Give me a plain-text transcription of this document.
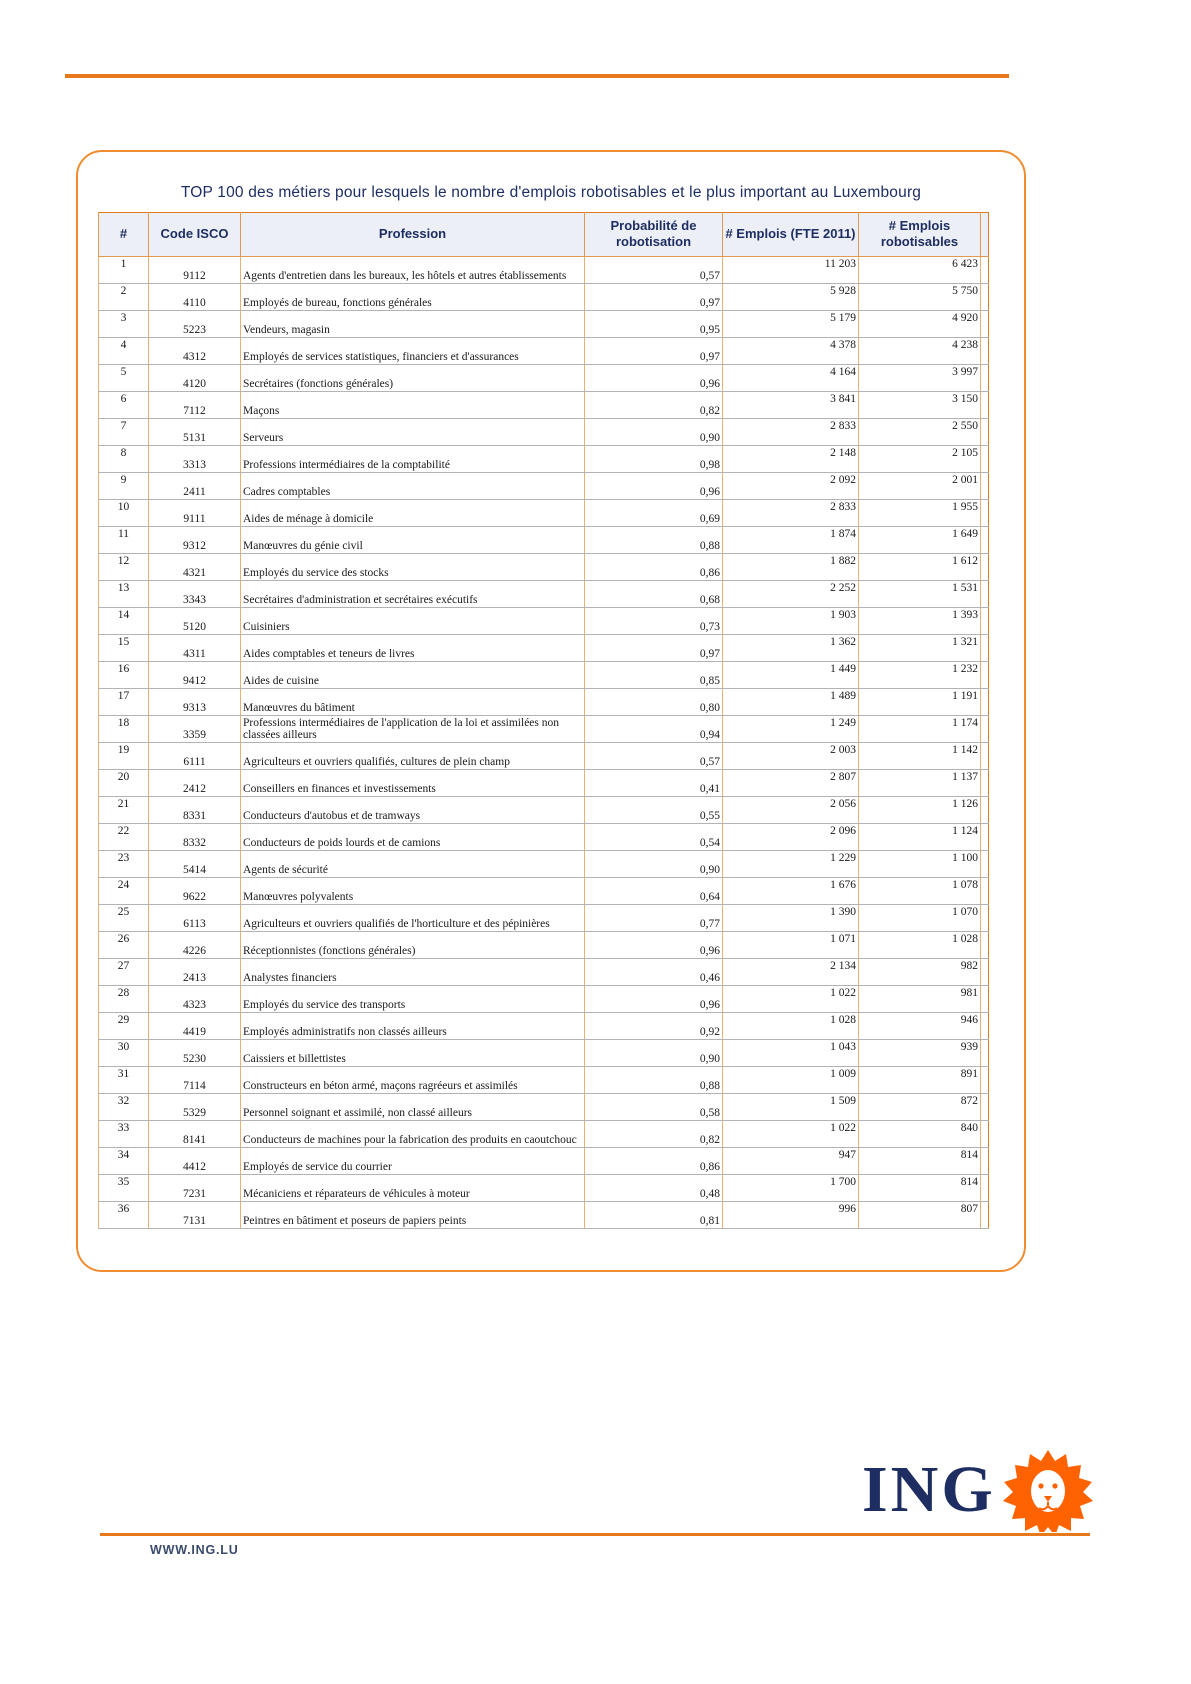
TOP 100 des métiers pour lesquels le nombre d'emplois robotisables et le plus important au Luxembourg
#	Code ISCO	Profession	Probabilité de robotisation	# Emplois (FTE 2011)	# Emplois robotisables	
1	9112	Agents d'entretien dans les bureaux, les hôtels et autres établissements	0,57	11 203	6 423	
2	4110	Employés de bureau, fonctions générales	0,97	5 928	5 750	
3	5223	Vendeurs, magasin	0,95	5 179	4 920	
4	4312	Employés de services statistiques, financiers et d'assurances	0,97	4 378	4 238	
5	4120	Secrétaires (fonctions générales)	0,96	4 164	3 997	
6	7112	Maçons	0,82	3 841	3 150	
7	5131	Serveurs	0,90	2 833	2 550	
8	3313	Professions intermédiaires de la comptabilité	0,98	2 148	2 105	
9	2411	Cadres comptables	0,96	2 092	2 001	
10	9111	Aides de ménage à domicile	0,69	2 833	1 955	
11	9312	Manœuvres du génie civil	0,88	1 874	1 649	
12	4321	Employés du service des stocks	0,86	1 882	1 612	
13	3343	Secrétaires d'administration et secrétaires exécutifs	0,68	2 252	1 531	
14	5120	Cuisiniers	0,73	1 903	1 393	
15	4311	Aides comptables et teneurs de livres	0,97	1 362	1 321	
16	9412	Aides de cuisine	0,85	1 449	1 232	
17	9313	Manœuvres du bâtiment	0,80	1 489	1 191	
18	3359	Professions intermédiaires de l'application de la loi et assimilées non classées ailleurs	0,94	1 249	1 174	
19	6111	Agriculteurs et ouvriers qualifiés, cultures de plein champ	0,57	2 003	1 142	
20	2412	Conseillers en finances et investissements	0,41	2 807	1 137	
21	8331	Conducteurs d'autobus et de tramways	0,55	2 056	1 126	
22	8332	Conducteurs de poids lourds et de camions	0,54	2 096	1 124	
23	5414	Agents de sécurité	0,90	1 229	1 100	
24	9622	Manœuvres polyvalents	0,64	1 676	1 078	
25	6113	Agriculteurs et ouvriers qualifiés de l'horticulture et des pépinières	0,77	1 390	1 070	
26	4226	Réceptionnistes (fonctions générales)	0,96	1 071	1 028	
27	2413	Analystes financiers	0,46	2 134	982	
28	4323	Employés du service des transports	0,96	1 022	981	
29	4419	Employés administratifs non classés ailleurs	0,92	1 028	946	
30	5230	Caissiers et billettistes	0,90	1 043	939	
31	7114	Constructeurs en béton armé, maçons ragréeurs et assimilés	0,88	1 009	891	
32	5329	Personnel soignant et assimilé, non classé ailleurs	0,58	1 509	872	
33	8141	Conducteurs de machines pour la fabrication des produits en caoutchouc	0,82	1 022	840	
34	4412	Employés de service du courrier	0,86	947	814	
35	7231	Mécaniciens et réparateurs de véhicules à moteur	0,48	1 700	814	
36	7131	Peintres en bâtiment et poseurs de papiers peints	0,81	996	807	
ING
WWW.ING.LU
